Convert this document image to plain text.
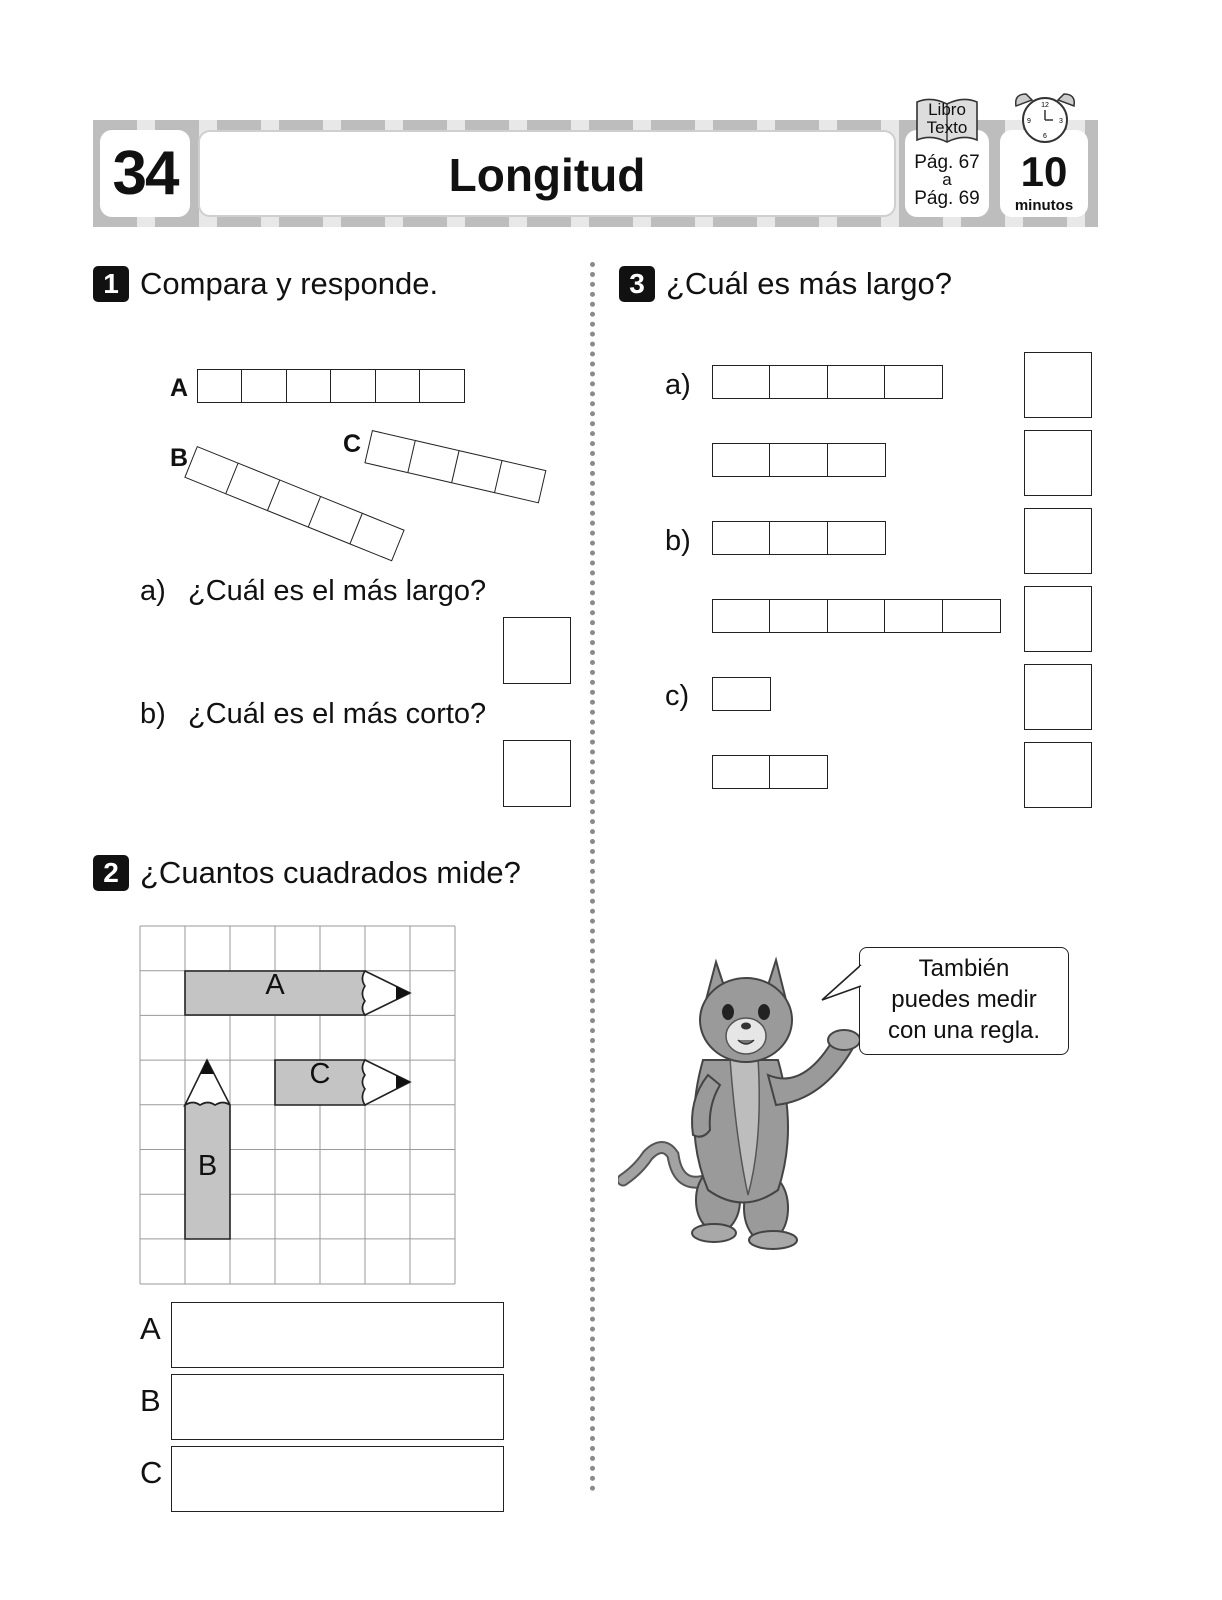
34	Longitud
Libro
Texto
Pág. 67
a
Pág. 69
12
3
9
6
10
minutos
1 Compara y responde.
A
B	C
a) ¿Cuál es el más largo?
b) ¿Cuál es el más corto?
2 ¿Cuantos cuadrados mide?
A
C
B
A
B
C
3 ¿Cuál es más largo?
a)
b)
c)
También
puedes medir
con una regla.
